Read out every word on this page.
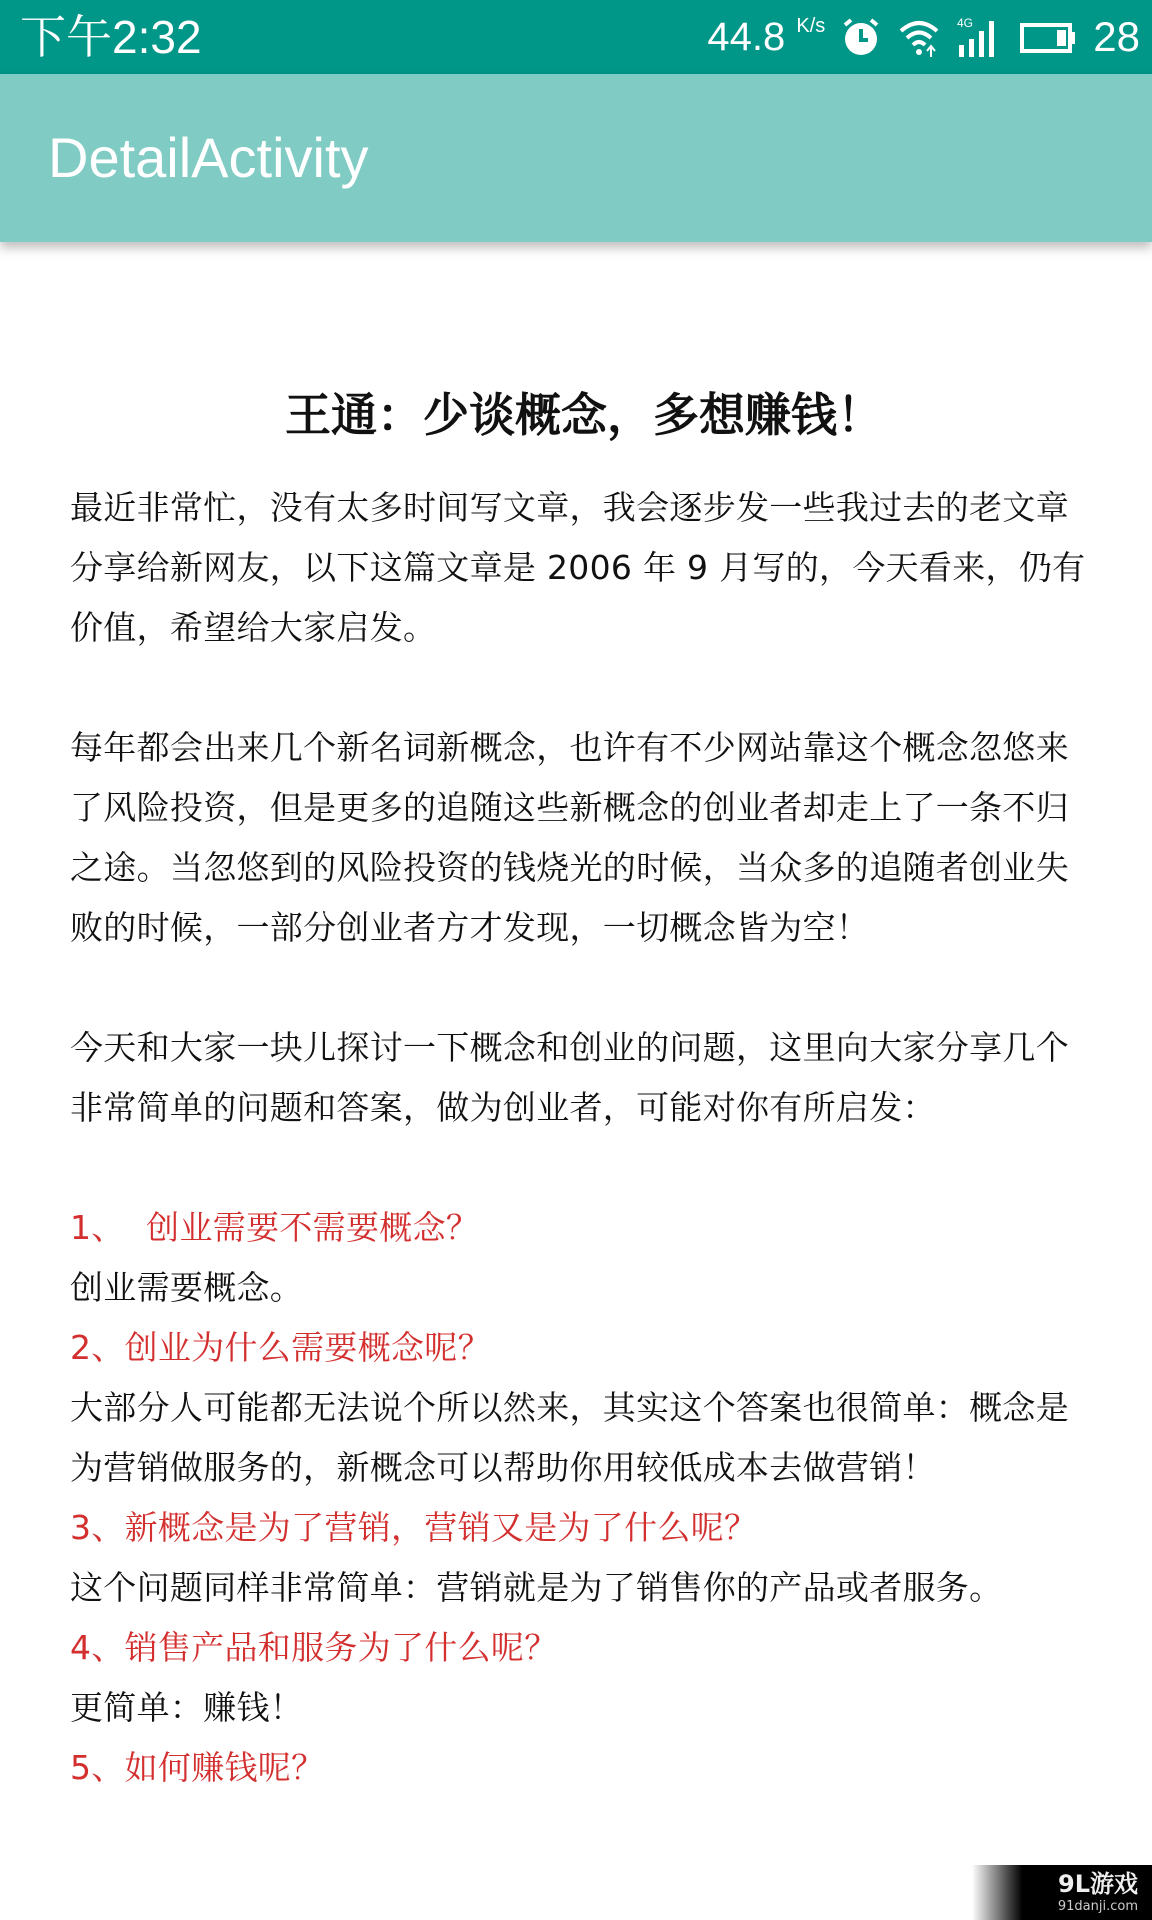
下午2:32	44.8 $^{K/s}$	4G	28
DetailActivity
王通：少谈概念，多想赚钱！

最近非常忙，没有太多时间写文章，我会逐步发一些我过去的老文章分享给新网友，以下这篇文章是 2006 年 9 月写的，今天看来，仍有价值，希望给大家启发。

每年都会出来几个新名词新概念，也许有不少网站靠这个概念忽悠来了风险投资，但是更多的追随这些新概念的创业者却走上了一条不归之途。当忽悠到的风险投资的钱烧光的时候，当众多的追随者创业失败的时候，一部分创业者方才发现，一切概念皆为空！

今天和大家一块儿探讨一下概念和创业的问题，这里向大家分享几个非常简单的问题和答案，做为创业者，可能对你有所启发：

1、  创业需要不需要概念？

创业需要概念。

2、创业为什么需要概念呢？

大部分人可能都无法说个所以然来，其实这个答案也很简单：概念是为营销做服务的，新概念可以帮助你用较低成本去做营销！

3、新概念是为了营销，营销又是为了什么呢？

这个问题同样非常简单：营销就是为了销售你的产品或者服务。

4、销售产品和服务为了什么呢？

更简单：赚钱！

5、如何赚钱呢？

9L游戏
91danji.com
